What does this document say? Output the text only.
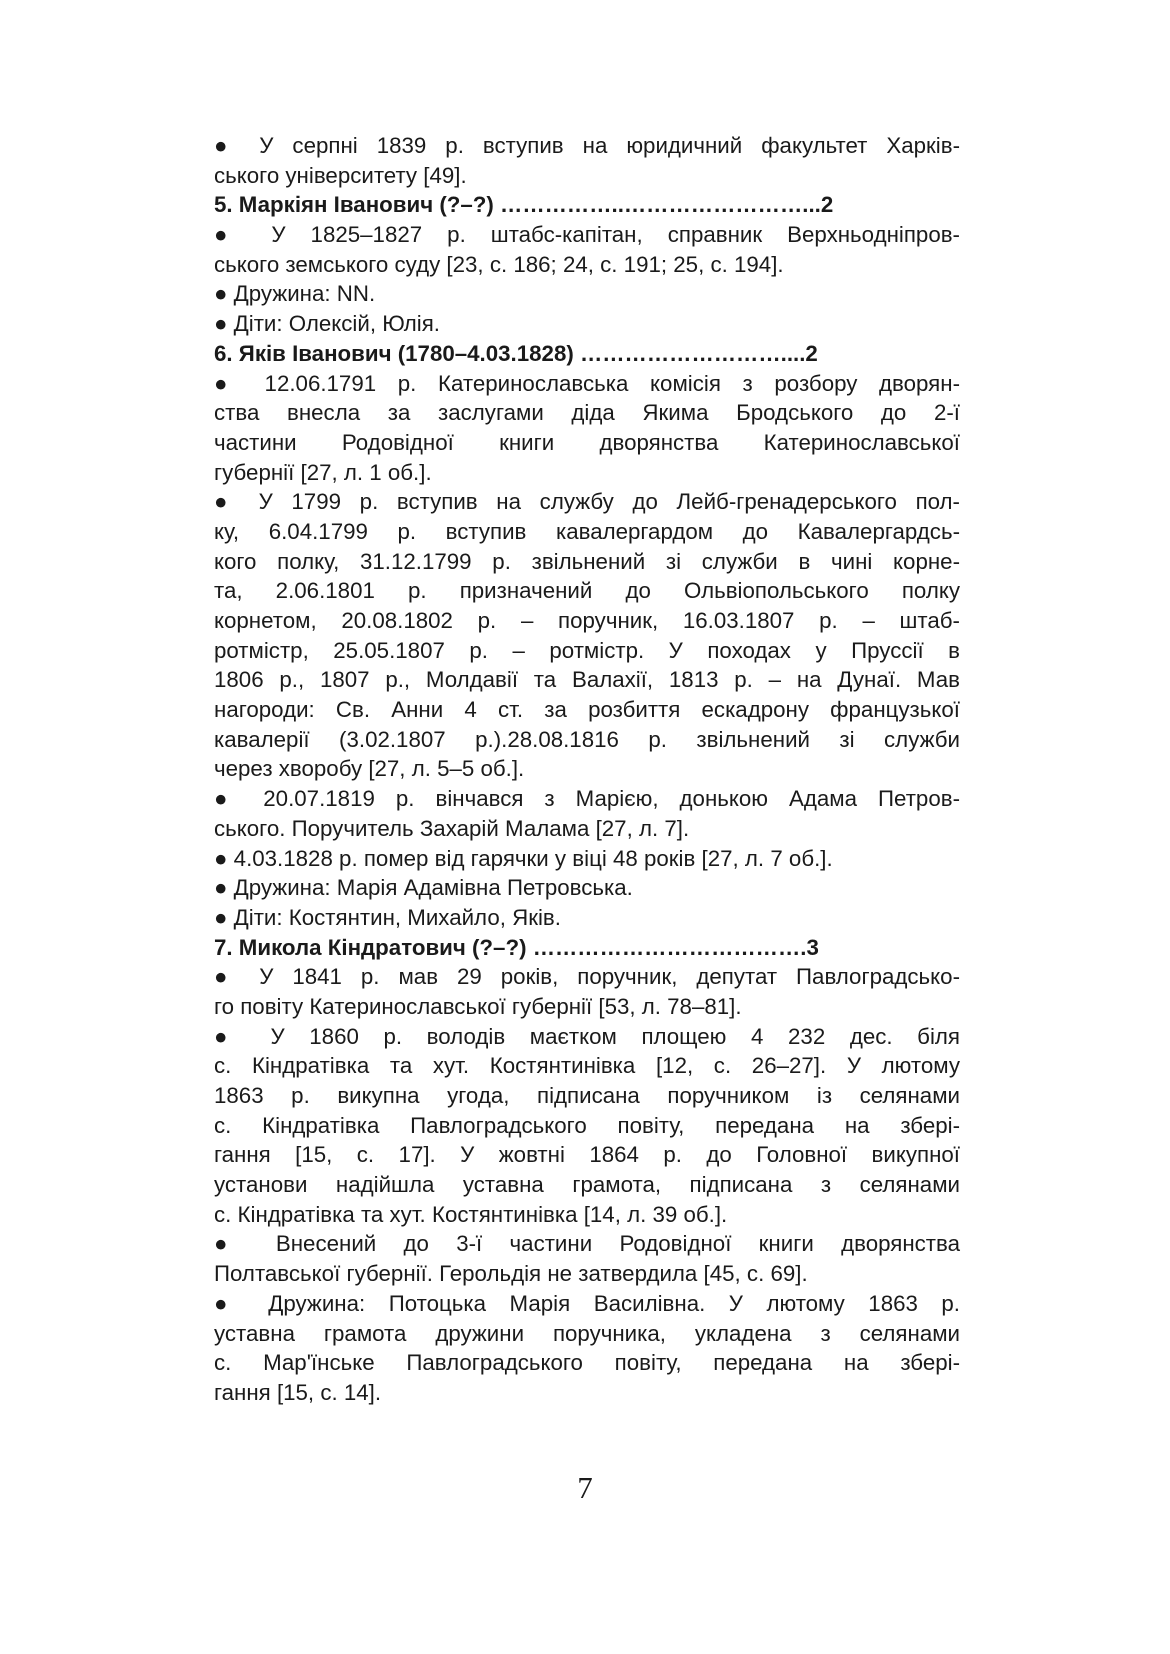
● У серпні 1839 р. вступив на юридичний факультет Харків-
ського університету [49].
5. Маркіян Іванович (?–?) ……………..……………………...2
● У 1825–1827 р. штабс-капітан, справник Верхньодніпров-
ського земського суду [23, с. 186; 24, с. 191; 25, с. 194].
● Дружина: NN.
● Діти: Олексій, Юлія.
6. Яків Іванович (1780–4.03.1828) ………………………....2
● 12.06.1791 р. Катеринославська комісія з розбору дворян-
ства внесла за заслугами діда Якима Бродського до 2-ї
частини Родовідної книги дворянства Катеринославської
губернії [27, л. 1 об.].
● У 1799 р. вступив на службу до Лейб-гренадерського пол-
ку, 6.04.1799 р. вступив кавалергардом до Кавалергардсь-
кого полку, 31.12.1799 р. звільнений зі служби в чині корне-
та, 2.06.1801 р. призначений до Ольвіопольського полку
корнетом, 20.08.1802 р. – поручник, 16.03.1807 р. – штаб-
ротмістр, 25.05.1807 р. – ротмістр. У походах у Пруссії в
1806 р., 1807 р., Молдавії та Валахії, 1813 р. – на Дунаї. Мав
нагороди: Св. Анни 4 ст. за розбиття ескадрону французької
кавалерії (3.02.1807 р.).28.08.1816 р. звільнений зі служби
через хворобу [27, л. 5–5 об.].
● 20.07.1819 р. вінчався з Марією, донькою Адама Петров-
ського. Поручитель Захарій Малама [27, л. 7].
● 4.03.1828 р. помер від гарячки у віці 48 років [27, л. 7 об.].
● Дружина: Марія Адамівна Петровська.
● Діти: Костянтин, Михайло, Яків.
7. Микола Кіндратович (?–?) ……………………………….3
● У 1841 р. мав 29 років, поручник, депутат Павлоградсько-
го повіту Катеринославської губернії [53, л. 78–81].
● У 1860 р. володів маєтком площею 4 232 дес. біля
с. Кіндратівка та хут. Костянтинівка [12, с. 26–27]. У лютому
1863 р. викупна угода, підписана поручником із селянами
с. Кіндратівка Павлоградського повіту, передана на зберi-
гання [15, с. 17]. У жовтні 1864 р. до Головної викупної
установи надійшла уставна грамота, підписана з селянами
с. Кіндратівка та хут. Костянтинівка [14, л. 39 об.].
● Внесений до 3-ї частини Родовідної книги дворянства
Полтавської губернії. Герольдія не затвердила [45, с. 69].
● Дружина: Потоцька Марія Василівна. У лютому 1863 р.
уставна грамота дружини поручника, укладена з селянами
с. Мар'їнське Павлоградського повіту, передана на зберi-
гання [15, с. 14].
7
